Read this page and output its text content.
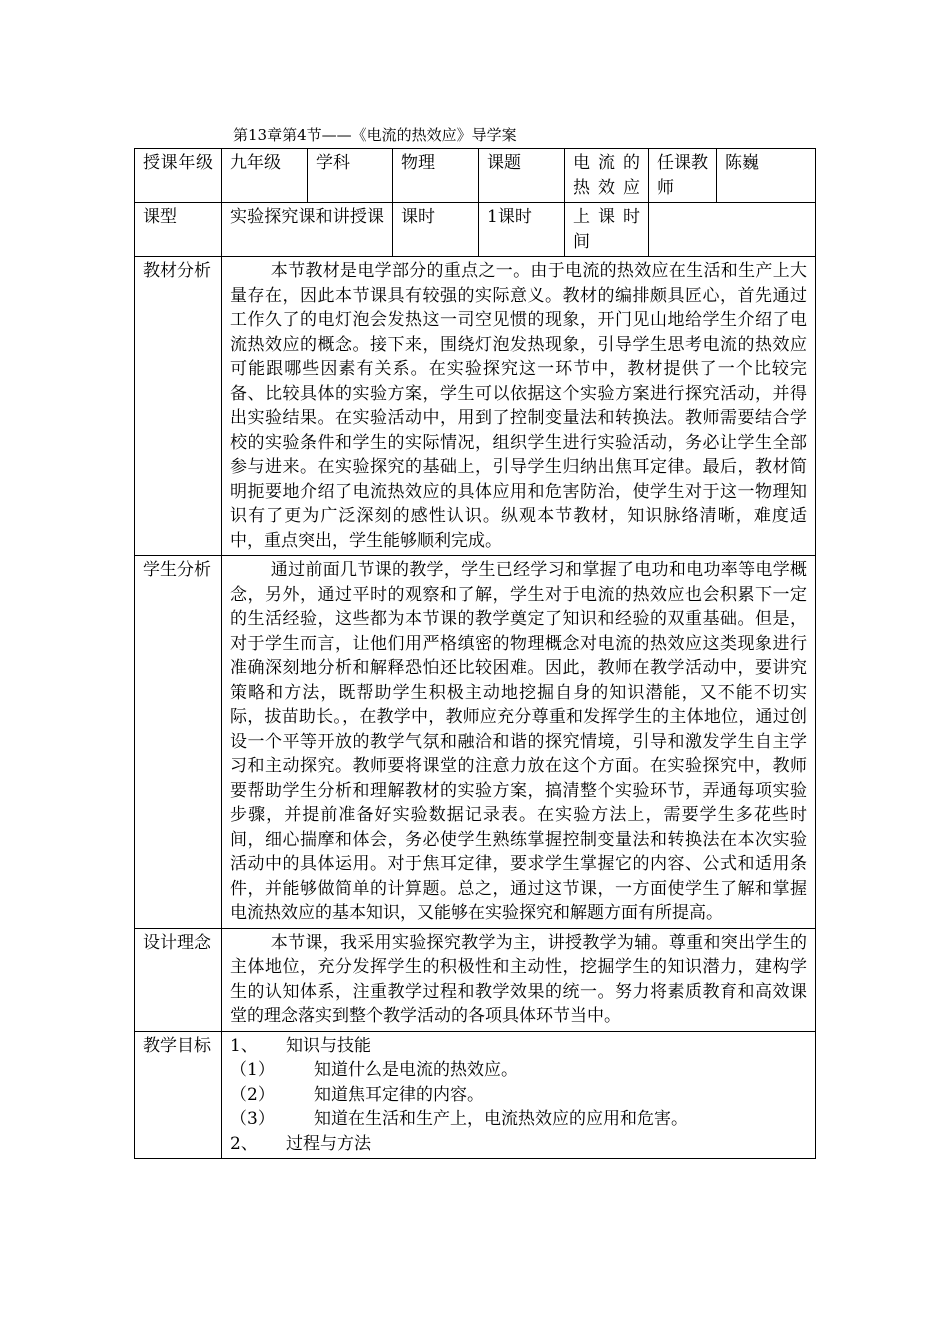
第13章第4节——《电流的热效应》导学案
授课年级	九年级	学科	物理	课题	电流的热效应	任课教师	陈巍
课型	实验探究课和讲授课		课时	1课时	上课时间		
教材分析	本节教材是电学部分的重点之一。由于电流的热效应在生活和生产上大量存在，因此本节课具有较强的实际意义。教材的编排颇具匠心，首先通过工作久了的电灯泡会发热这一司空见惯的现象，开门见山地给学生介绍了电流热效应的概念。接下来，围绕灯泡发热现象，引导学生思考电流的热效应可能跟哪些因素有关系。在实验探究这一环节中，教材提供了一个比较完备、比较具体的实验方案，学生可以依据这个实验方案进行探究活动，并得出实验结果。在实验活动中，用到了控制变量法和转换法。教师需要结合学校的实验条件和学生的实际情况，组织学生进行实验活动，务必让学生全部参与进来。在实验探究的基础上，引导学生归纳出焦耳定律。最后，教材简明扼要地介绍了电流热效应的具体应用和危害防治，使学生对于这一物理知识有了更为广泛深刻的感性认识。纵观本节教材，知识脉络清晰，难度适中，重点突出，学生能够顺利完成。						

学生分析	通过前面几节课的教学，学生已经学习和掌握了电功和电功率等电学概念，另外，通过平时的观察和了解，学生对于电流的热效应也会积累下一定的生活经验，这些都为本节课的教学奠定了知识和经验的双重基础。但是，对于学生而言，让他们用严格缜密的物理概念对电流的热效应这类现象进行准确深刻地分析和解释恐怕还比较困难。因此，教师在教学活动中，要讲究策略和方法，既帮助学生积极主动地挖掘自身的知识潜能，又不能不切实际，拔苗助长。，在教学中，教师应充分尊重和发挥学生的主体地位，通过创设一个平等开放的教学气氛和融洽和谐的探究情境，引导和激发学生自主学习和主动探究。教师要将课堂的注意力放在这个方面。在实验探究中，教师要帮助学生分析和理解教材的实验方案，搞清整个实验环节，弄通每项实验步骤，并提前准备好实验数据记录表。在实验方法上，需要学生多花些时间，细心揣摩和体会，务必使学生熟练掌握控制变量法和转换法在本次实验活动中的具体运用。对于焦耳定律，要求学生掌握它的内容、公式和适用条件，并能够做简单的计算题。总之，通过这节课，一方面使学生了解和掌握电流热效应的基本知识，又能够在实验探究和解题方面有所提高。						

设计理念	本节课，我采用实验探究教学为主，讲授教学为辅。尊重和突出学生的主体地位，充分发挥学生的积极性和主动性，挖掘学生的知识潜力，建构学生的认知体系，注重教学过程和教学效果的统一。努力将素质教育和高效课堂的理念落实到整个教学活动的各项具体环节当中。						

教学目标	1、 知识与技能
（1） 知道什么是电流的热效应。
（2） 知道焦耳定律的内容。
（3） 知道在生活和生产上，电流热效应的应用和危害。
2、 过程与方法						
